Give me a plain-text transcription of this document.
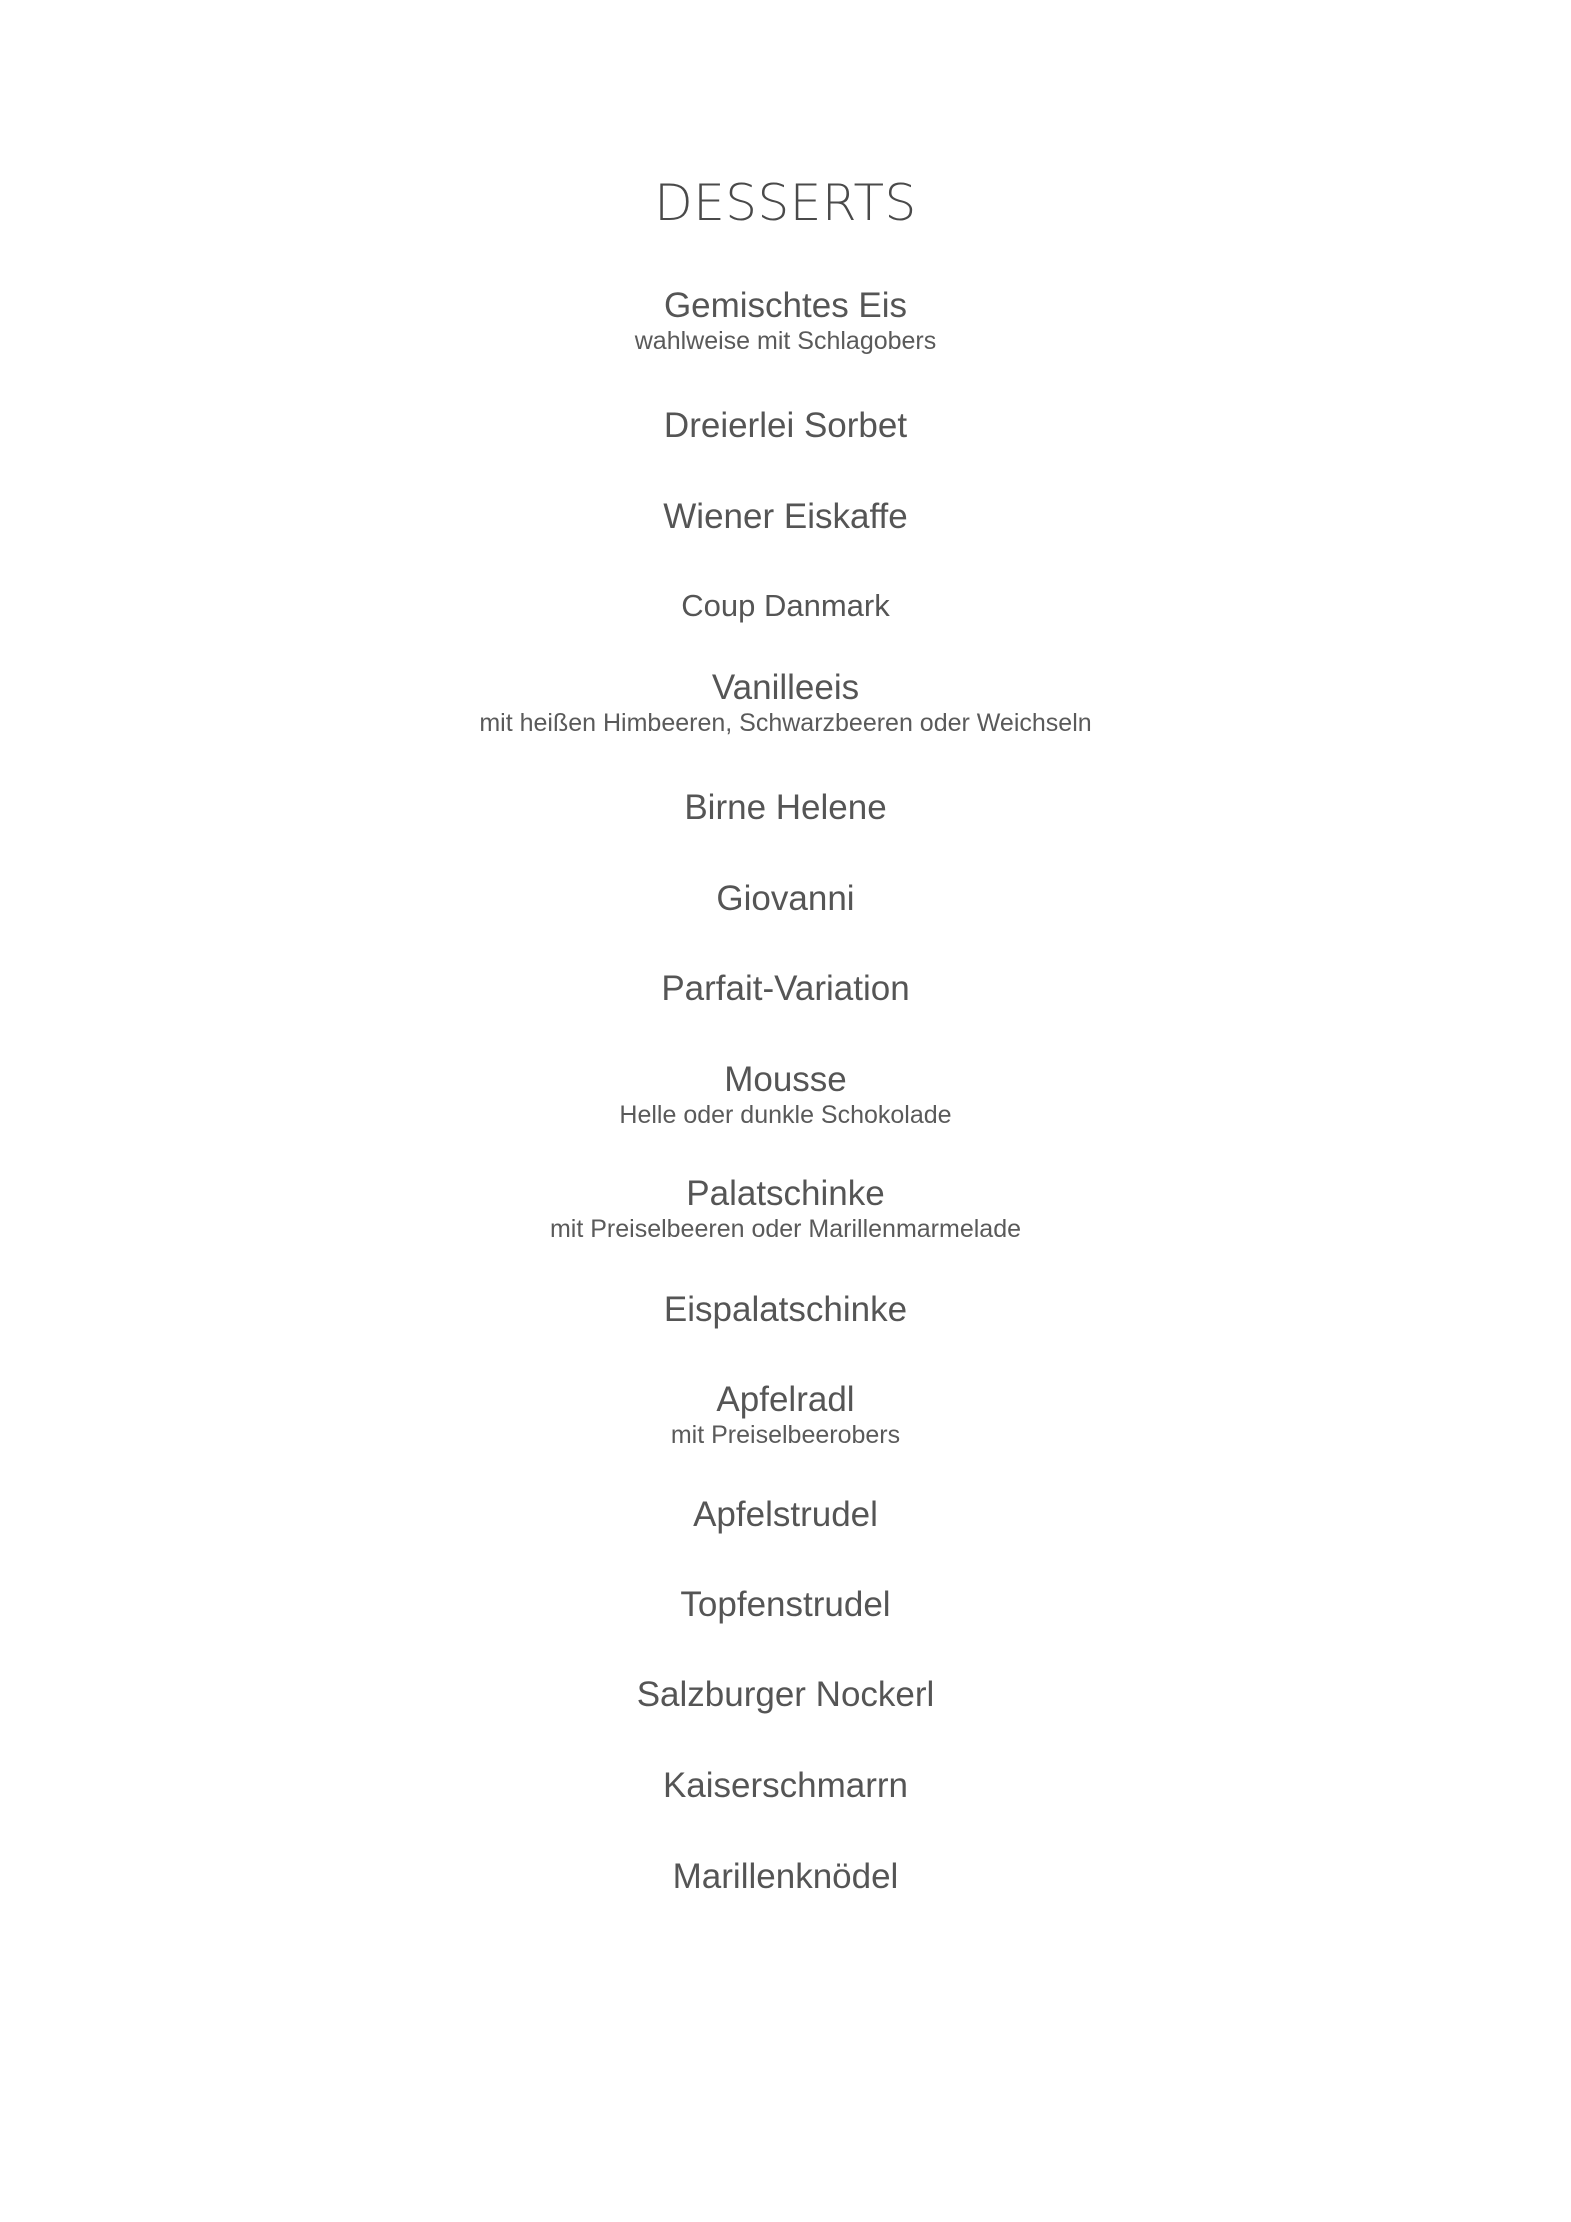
DESSERTS
Gemischtes Eis
wahlweise mit Schlagobers
Dreierlei Sorbet
Wiener Eiskaffe
Coup Danmark
Vanilleeis
mit heißen Himbeeren, Schwarzbeeren oder Weichseln
Birne Helene
Giovanni
Parfait-Variation
Mousse
Helle oder dunkle Schokolade
Palatschinke
mit Preiselbeeren oder Marillenmarmelade
Eispalatschinke
Apfelradl
mit Preiselbeerobers
Apfelstrudel
Topfenstrudel
Salzburger Nockerl
Kaiserschmarrn
Marillenknödel
